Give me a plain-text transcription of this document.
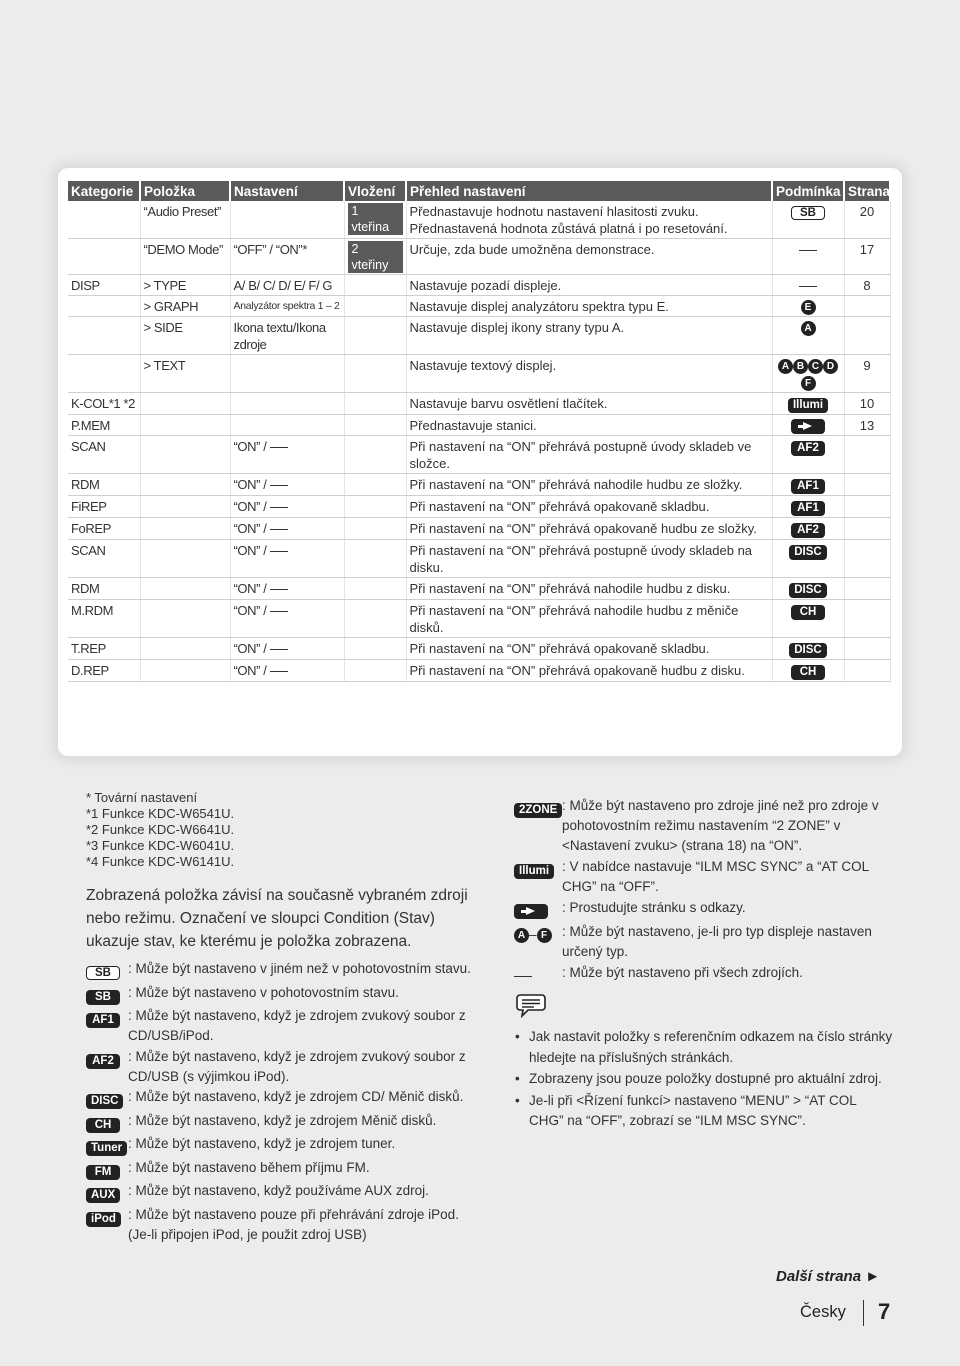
Kategorie	Položka	Nastavení	Vložení	Přehled nastavení	Podmínka	Strana
	“Audio Preset”		1 vteřina	Přednastavuje hodnotu nastavení hlasitosti zvuku. Přednastavená hodnota zůstává platná i po resetování.	SB	20
	“DEMO Mode”	“OFF” / “ON”*	2 vteřiny	Určuje, zda bude umožněna demonstrace.		17
DISP	> TYPE	A/ B/ C/ D/ E/ F/ G		Nastavuje pozadí displeje.		8
	> GRAPH	Analyzátor spektra 1 – 2		Nastavuje displej analyzátoru spektra typu E.	E	
	> SIDE	Ikona textu/Ikona zdroje		Nastavuje displej ikony strany typu A.	A	
	> TEXT			Nastavuje textový displej.	A B C DF	9
K-COL*1 *2				Nastavuje barvu osvětlení tlačítek.	Illumi	10
P.MEM				Přednastavuje stanici.		13
SCAN		“ON” /		Při nastavení na “ON” přehrává postupně úvody skladeb ve složce.	AF2	
RDM		“ON” /		Při nastavení na “ON” přehrává nahodile hudbu ze složky.	AF1	
FiREP		“ON” /		Při nastavení na “ON” přehrává opakovaně skladbu.	AF1	
FoREP		“ON” /		Při nastavení na “ON” přehrává opakovaně hudbu ze složky.	AF2	
SCAN		“ON” /		Při nastavení na “ON” přehrává postupně úvody skladeb na disku.	DISC	
RDM		“ON” /		Při nastavení na “ON” přehrává nahodile hudbu z disku.	DISC	
M.RDM		“ON” /		Při nastavení na “ON” přehrává nahodile hudbu z měniče disků.	CH	
T.REP		“ON” /		Při nastavení na “ON” přehrává opakovaně skladbu.	DISC	
D.REP		“ON” /		Při nastavení na “ON” přehrává opakovaně hudbu z disku.	CH	
* Tovární nastavení
*1 Funkce KDC-W6541U.
*2 Funkce KDC-W6641U.
*3 Funkce KDC-W6041U.
*4 Funkce KDC-W6141U.
Zobrazená položka závisí na současně vybraném zdroji nebo režimu. Označení ve sloupci Condition (Stav) ukazuje stav, ke kterému je položka zobrazena.
SB	: Může být nastaveno v jiném než v pohotovostním stavu.
SB	: Může být nastaveno v pohotovostním stavu.
AF1	: Může být nastaveno, když je zdrojem zvukový soubor z CD/USB/iPod.
AF2	: Může být nastaveno, když je zdrojem zvukový soubor z CD/USB (s výjimkou iPod).
DISC : Může být nastaveno, když je zdrojem CD/ Měnič disků.
CH	: Může být nastaveno, když je zdrojem Měnič disků.
Tuner : Může být nastaveno, když je zdrojem tuner.
FM	: Může být nastaveno během příjmu FM.
AUX : Může být nastaveno, když používáme AUX zdroj.
iPod : Může být nastaveno pouze při přehrávání zdroje iPod. (Je-li připojen iPod, je použit zdroj USB)
2ZONE : Může být nastaveno pro zdroje jiné než pro zdroje v pohotovostním režimu nastavením “2 ZONE” v <Nastavení zvuku> (strana 18) na “ON”.
Illumi : V nabídce nastavuje “ILM MSC SYNC” a “AT COL CHG” na “OFF”.
: Prostudujte stránku s odkazy.
A – F	: Může být nastaveno, je-li pro typ displeje nastaven určený typ.
: Může být nastaveno při všech zdrojích.
• Jak nastavit položky s referenčním odkazem na číslo stránky hledejte na příslušných stránkách.
• Zobrazeny jsou pouze položky dostupné pro aktuální zdroj.
• Je-li při <Řízení funkcí> nastaveno “MENU” > “AT COL CHG” na “OFF”, zobrazí se “ILM MSC SYNC”.
Další strana ►
Česky 7
